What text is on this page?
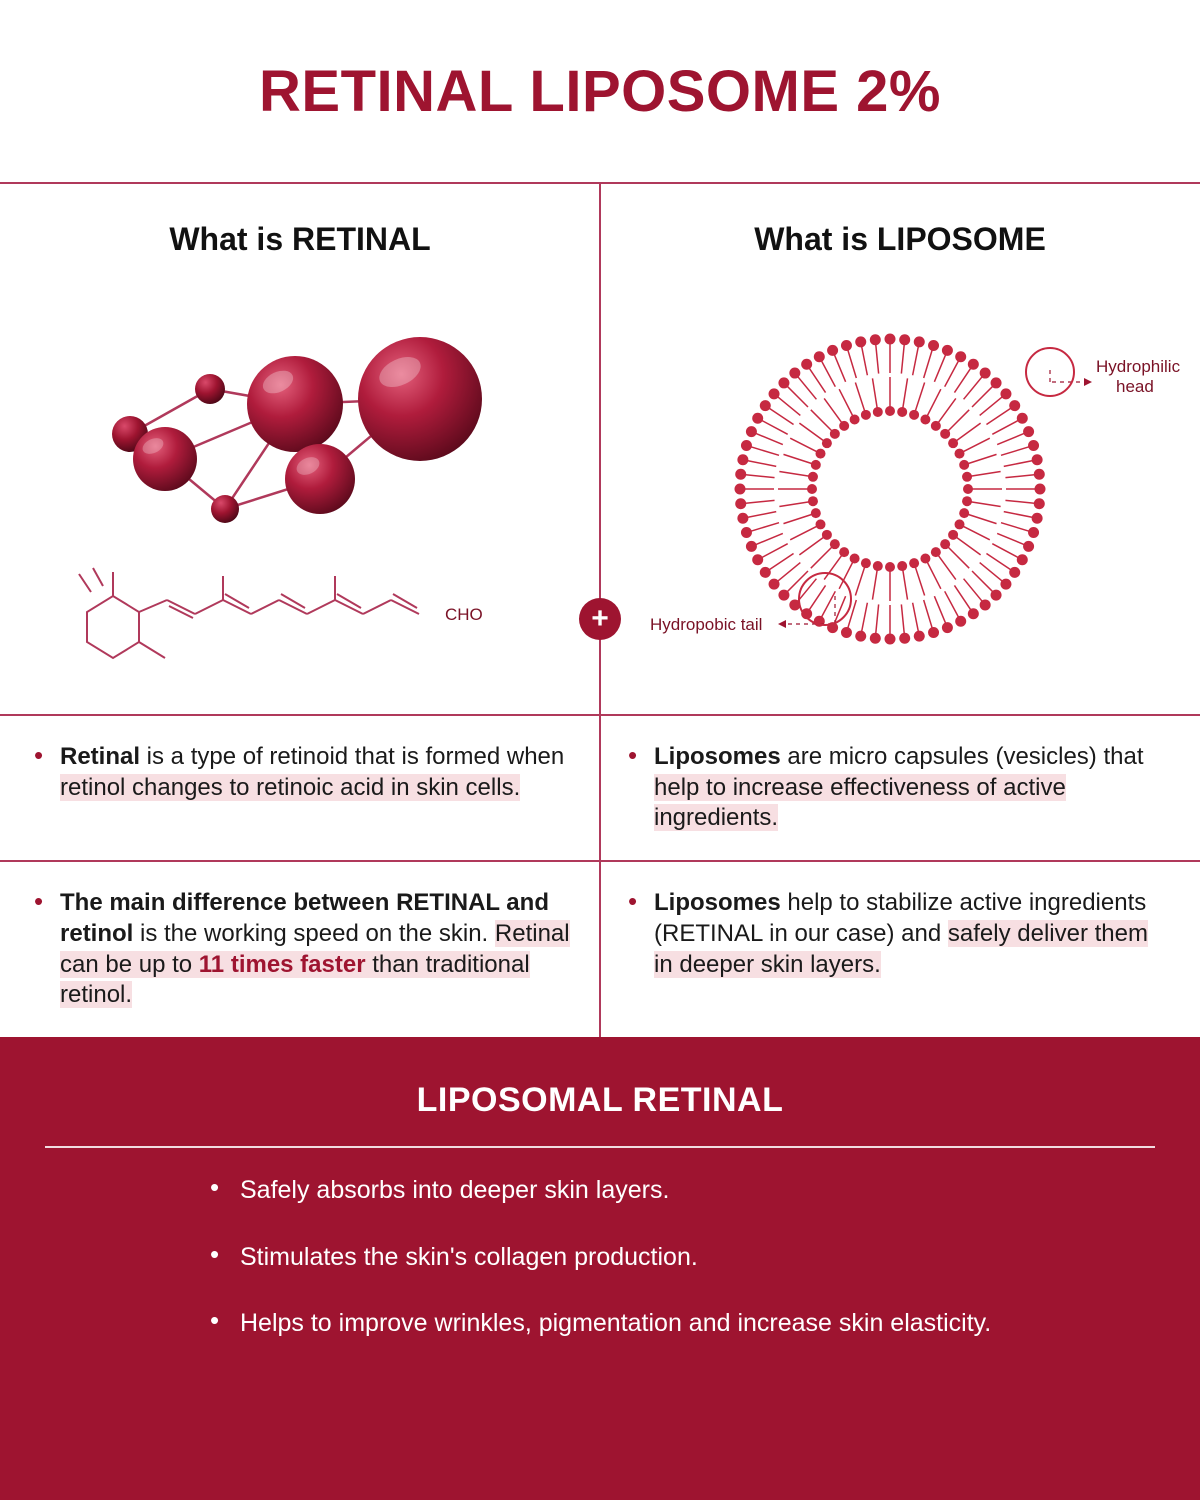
RETINAL LIPOSOME 2%
+
What is RETINAL
CHO
What is LIPOSOME
Hydrophilic
head
Hydropobic tail
• Retinal is a type of retinoid that is formed when retinol changes to retinoic acid in skin cells.
• Liposomes are micro capsules (vesicles) that help to increase effectiveness of active ingredients.
• The main difference between RETINAL and retinol is the working speed on the skin. Retinal can be up to 11 times faster than traditional retinol.
• Liposomes help to stabilize active ingredients (RETINAL in our case) and safely deliver them in deeper skin layers.
LIPOSOMAL RETINAL
• Safely absorbs into deeper skin layers.
• Stimulates the skin's collagen production.
• Helps to improve wrinkles, pigmentation and increase skin elasticity.
